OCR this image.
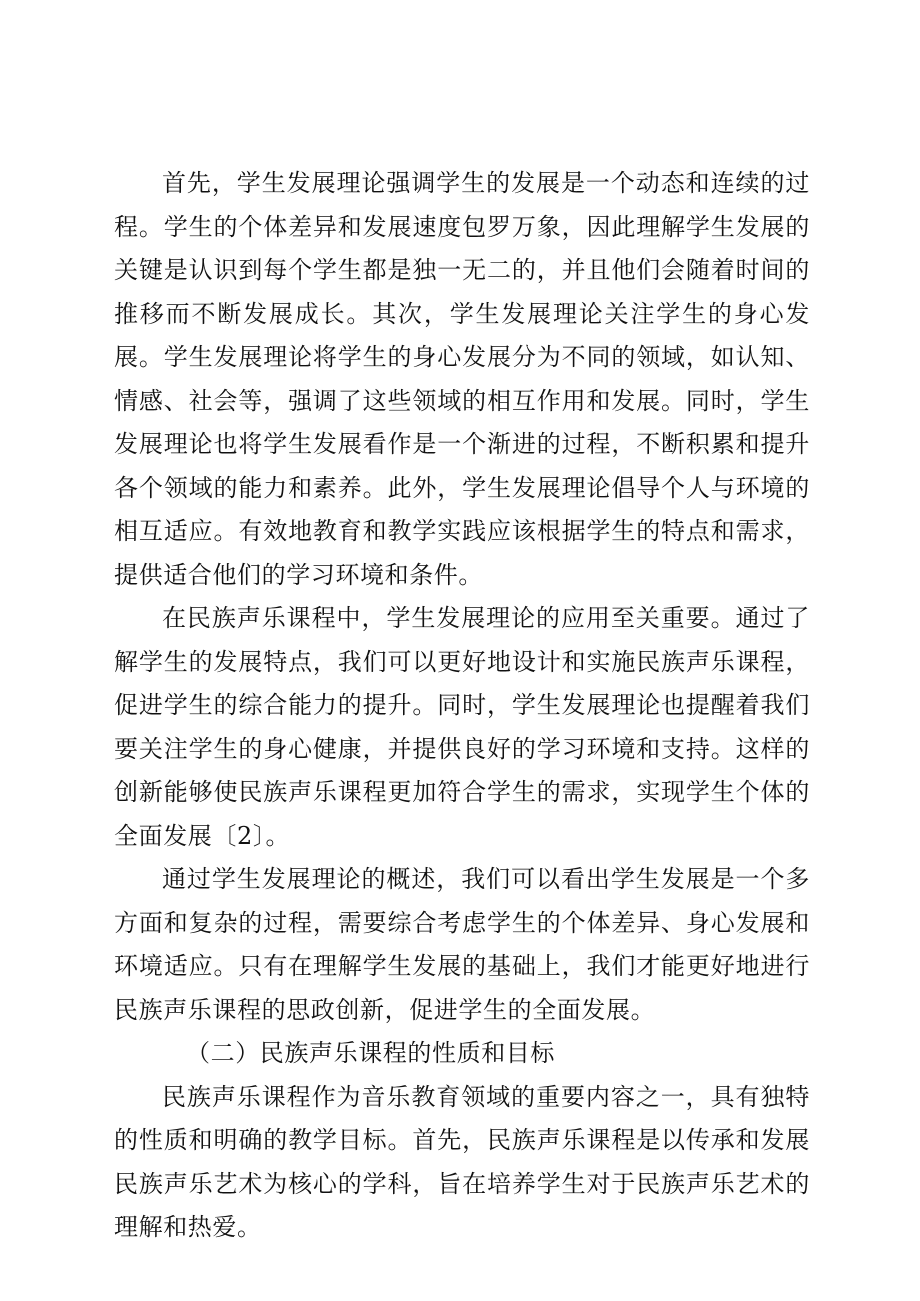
首先，学生发展理论强调学生的发展是一个动态和连续的过程。学生的个体差异和发展速度包罗万象，因此理解学生发展的关键是认识到每个学生都是独一无二的，并且他们会随着时间的推移而不断发展成长。其次，学生发展理论关注学生的身心发展。学生发展理论将学生的身心发展分为不同的领域，如认知、情感、社会等，强调了这些领域的相互作用和发展。同时，学生发展理论也将学生发展看作是一个渐进的过程，不断积累和提升各个领域的能力和素养。此外，学生发展理论倡导个人与环境的相互适应。有效地教育和教学实践应该根据学生的特点和需求，提供适合他们的学习环境和条件。

在民族声乐课程中，学生发展理论的应用至关重要。通过了解学生的发展特点，我们可以更好地设计和实施民族声乐课程，促进学生的综合能力的提升。同时，学生发展理论也提醒着我们要关注学生的身心健康，并提供良好的学习环境和支持。这样的创新能够使民族声乐课程更加符合学生的需求，实现学生个体的全面发展〔2〕。

通过学生发展理论的概述，我们可以看出学生发展是一个多方面和复杂的过程，需要综合考虑学生的个体差异、身心发展和环境适应。只有在理解学生发展的基础上，我们才能更好地进行民族声乐课程的思政创新，促进学生的全面发展。

（二）民族声乐课程的性质和目标

民族声乐课程作为音乐教育领域的重要内容之一，具有独特的性质和明确的教学目标。首先，民族声乐课程是以传承和发展民族声乐艺术为核心的学科，旨在培养学生对于民族声乐艺术的理解和热爱。
